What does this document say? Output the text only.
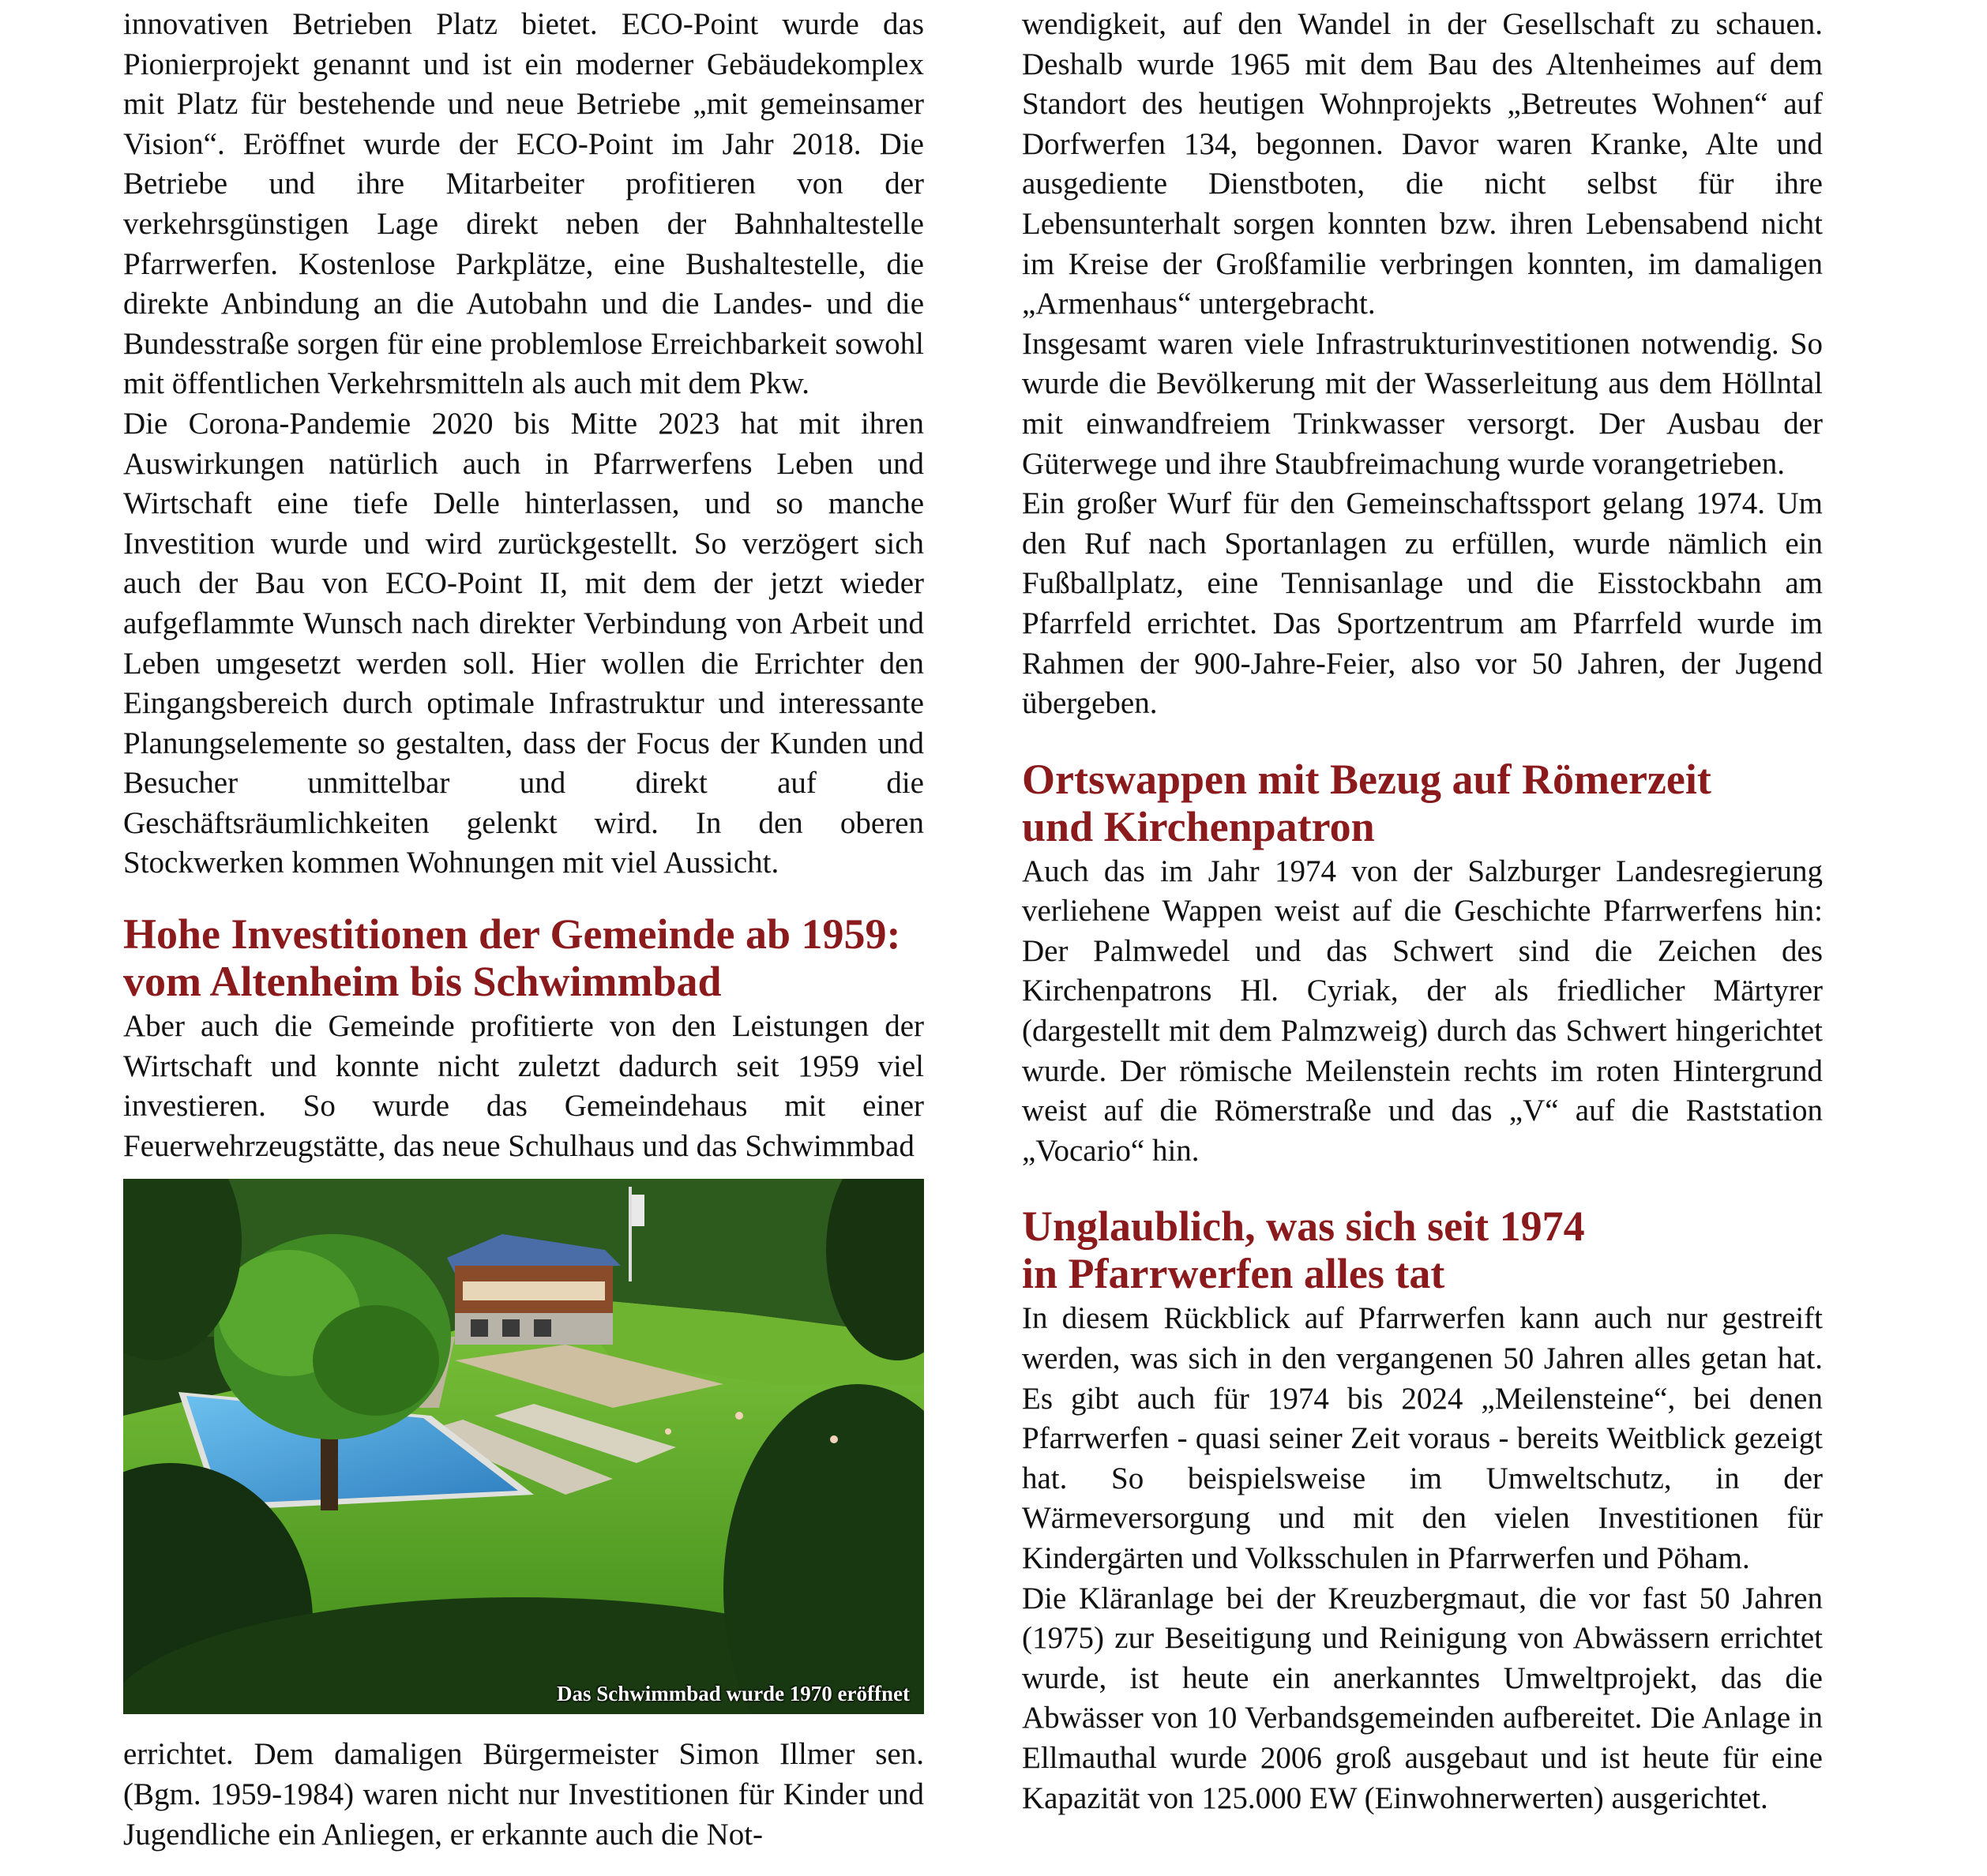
innovativen Betrieben Platz bietet. ECO-Point wurde das Pionierprojekt genannt und ist ein moderner Gebäudekomplex mit Platz für bestehende und neue Betriebe „mit gemeinsamer Vision“. Eröffnet wurde der ECO-Point im Jahr 2018. Die Betriebe und ihre Mitarbeiter profitieren von der verkehrsgünstigen Lage direkt neben der Bahnhaltestelle Pfarrwerfen. Kostenlose Parkplätze, eine Bushaltestelle, die direkte Anbindung an die Autobahn und die Landes- und die Bundesstraße sorgen für eine problemlose Erreichbarkeit sowohl mit öffentlichen Verkehrsmitteln als auch mit dem Pkw.

Die Corona-Pandemie 2020 bis Mitte 2023 hat mit ihren Auswirkungen natürlich auch in Pfarrwerfens Leben und Wirtschaft eine tiefe Delle hinterlassen, und so manche Investition wurde und wird zurückgestellt. So verzögert sich auch der Bau von ECO-Point II, mit dem der jetzt wieder aufgeflammte Wunsch nach direkter Verbindung von Arbeit und Leben umgesetzt werden soll. Hier wollen die Errichter den Eingangsbereich durch optimale Infrastruktur und interessante Planungselemente so gestalten, dass der Focus der Kunden und Besucher unmittelbar und direkt auf die Geschäftsräumlichkeiten gelenkt wird. In den oberen Stockwerken kommen Wohnungen mit viel Aussicht.

Hohe Investitionen der Gemeinde ab 1959:
vom Altenheim bis Schwimmbad

Aber auch die Gemeinde profitierte von den Leistungen der Wirtschaft und konnte nicht zuletzt dadurch seit 1959 viel investieren. So wurde das Gemeindehaus mit einer Feuerwehrzeugstätte, das neue Schulhaus und das Schwimmbad

Das Schwimmbad wurde 1970 eröffnet

errichtet. Dem damaligen Bürgermeister Simon Illmer sen. (Bgm. 1959-1984) waren nicht nur Investitionen für Kinder und Jugendliche ein Anliegen, er erkannte auch die Not-

wendigkeit, auf den Wandel in der Gesellschaft zu schauen. Deshalb wurde 1965 mit dem Bau des Altenheimes auf dem Standort des heutigen Wohnprojekts „Betreutes Wohnen“ auf Dorfwerfen 134, begonnen. Davor waren Kranke, Alte und ausgediente Dienstboten, die nicht selbst für ihre Lebensunterhalt sorgen konnten bzw. ihren Lebensabend nicht im Kreise der Großfamilie verbringen konnten, im damaligen „Armenhaus“ untergebracht.

Insgesamt waren viele Infrastrukturinvestitionen notwendig. So wurde die Bevölkerung mit der Wasserleitung aus dem Höllntal mit einwandfreiem Trinkwasser versorgt. Der Ausbau der Güterwege und ihre Staubfreimachung wurde vorangetrieben.

Ein großer Wurf für den Gemeinschaftssport gelang 1974. Um den Ruf nach Sportanlagen zu erfüllen, wurde nämlich ein Fußballplatz, eine Tennisanlage und die Eisstockbahn am Pfarrfeld errichtet. Das Sportzentrum am Pfarrfeld wurde im Rahmen der 900-Jahre-Feier, also vor 50 Jahren, der Jugend übergeben.

Ortswappen mit Bezug auf Römerzeit
und Kirchenpatron

Auch das im Jahr 1974 von der Salzburger Landesregierung verliehene Wappen weist auf die Geschichte Pfarrwerfens hin: Der Palmwedel und das Schwert sind die Zeichen des Kirchenpatrons Hl. Cyriak, der als friedlicher Märtyrer (dargestellt mit dem Palmzweig) durch das Schwert hingerichtet wurde. Der römische Meilenstein rechts im roten Hintergrund weist auf die Römerstraße und das „V“ auf die Raststation „Vocario“ hin.

Unglaublich, was sich seit 1974
in Pfarrwerfen alles tat

In diesem Rückblick auf Pfarrwerfen kann auch nur gestreift werden, was sich in den vergangenen 50 Jahren alles getan hat. Es gibt auch für 1974 bis 2024 „Meilensteine“, bei denen Pfarrwerfen - quasi seiner Zeit voraus - bereits Weitblick gezeigt hat. So beispielsweise im Umweltschutz, in der Wärmeversorgung und mit den vielen Investitionen für Kindergärten und Volksschulen in Pfarrwerfen und Pöham.

Die Kläranlage bei der Kreuzbergmaut, die vor fast 50 Jahren (1975) zur Beseitigung und Reinigung von Abwässern errichtet wurde, ist heute ein anerkanntes Umweltprojekt, das die Abwässer von 10 Verbandsgemeinden aufbereitet. Die Anlage in Ellmauthal wurde 2006 groß ausgebaut und ist heute für eine Kapazität von 125.000 EW (Einwohnerwerten) ausgerichtet.
